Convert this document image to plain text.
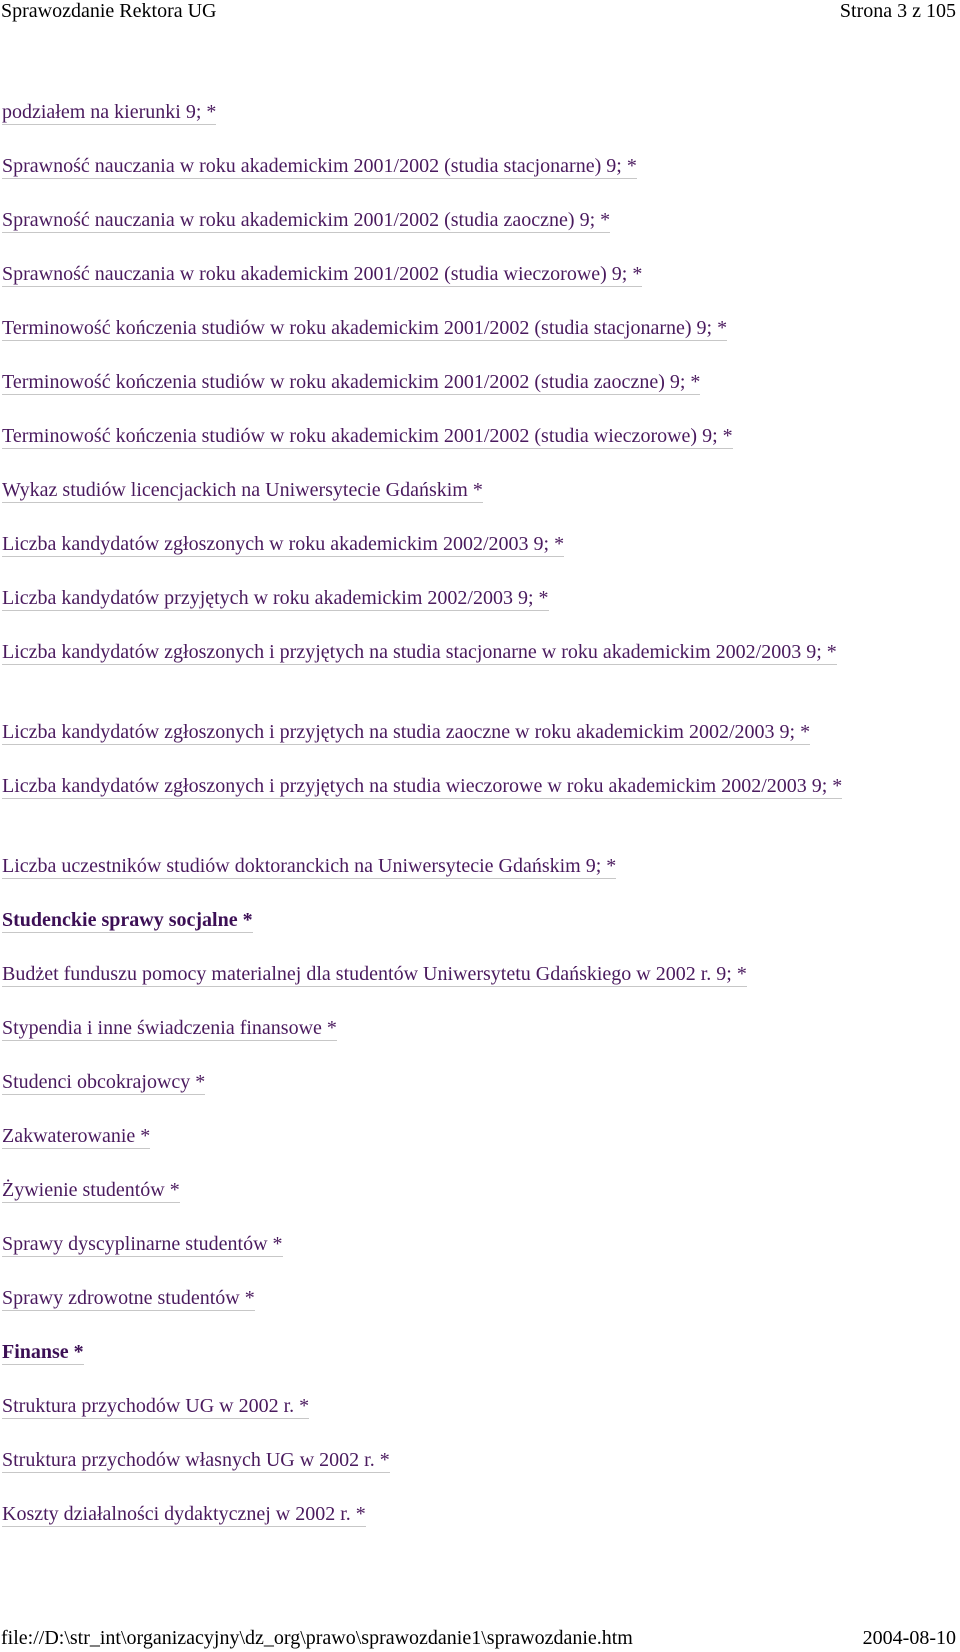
Sprawozdanie Rektora UG	Strona 3 z 105
podziałem na kierunki 9; *
Sprawność nauczania w roku akademickim 2001/2002 (studia stacjonarne) 9; *
Sprawność nauczania w roku akademickim 2001/2002 (studia zaoczne) 9; *
Sprawność nauczania w roku akademickim 2001/2002 (studia wieczorowe) 9; *
Terminowość kończenia studiów w roku akademickim 2001/2002 (studia stacjonarne) 9; *
Terminowość kończenia studiów w roku akademickim 2001/2002 (studia zaoczne) 9; *
Terminowość kończenia studiów w roku akademickim 2001/2002 (studia wieczorowe) 9; *
Wykaz studiów licencjackich na Uniwersytecie Gdańskim *
Liczba kandydatów zgłoszonych w roku akademickim 2002/2003 9; *
Liczba kandydatów przyjętych w roku akademickim 2002/2003 9; *
Liczba kandydatów zgłoszonych i przyjętych na studia stacjonarne w roku akademickim 2002/2003 9; *
Liczba kandydatów zgłoszonych i przyjętych na studia zaoczne w roku akademickim 2002/2003 9; *
Liczba kandydatów zgłoszonych i przyjętych na studia wieczorowe w roku akademickim 2002/2003 9; *
Liczba uczestników studiów doktoranckich na Uniwersytecie Gdańskim 9; *
Studenckie sprawy socjalne *
Budżet funduszu pomocy materialnej dla studentów Uniwersytetu Gdańskiego w 2002 r. 9; *
Stypendia i inne świadczenia finansowe *
Studenci obcokrajowcy *
Zakwaterowanie *
Żywienie studentów *
Sprawy dyscyplinarne studentów *
Sprawy zdrowotne studentów *
Finanse *
Struktura przychodów UG w 2002 r. *
Struktura przychodów własnych UG w 2002 r. *
Koszty działalności dydaktycznej w 2002 r. *
file://D:\str_int\organizacyjny\dz_org\prawo\sprawozdanie1\sprawozdanie.htm	2004-08-10
